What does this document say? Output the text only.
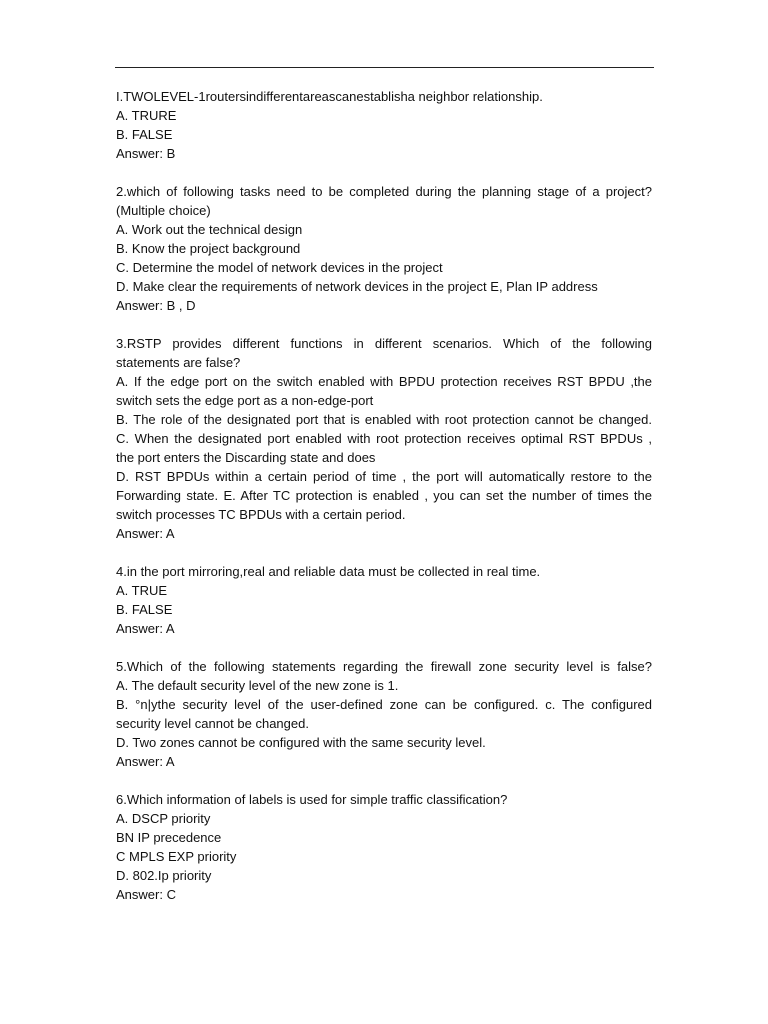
I.TWOLEVEL-1routersindifferentareascanestablisha neighbor relationship.
A. TRURE
B. FALSE
Answer: B
2.which of following tasks need to be completed during the planning stage of a project?
(Multiple choice)
A. Work out the technical design
B. Know the project background
C. Determine the model of network devices in the project
D. Make clear the requirements of network devices in the project E, Plan IP address
Answer: B , D
3.RSTP provides different functions in different scenarios. Which of the following
statements are false?
A. If the edge port on the switch enabled with BPDU protection receives RST BPDU ,the
switch sets the edge port as a non-edge-port
B. The role of the designated port that is enabled with root protection cannot be changed.
C. When the designated port enabled with root protection receives optimal RST BPDUs ,
the port enters the Discarding state and does
D. RST BPDUs within a certain period of time , the port will automatically restore to the
Forwarding state. E. After TC protection is enabled , you can set the number of times the
switch processes TC BPDUs with a certain period.
Answer: A
4.in the port mirroring,real and reliable data must be collected in real time.
A. TRUE
B. FALSE
Answer: A
5.Which of the following statements regarding the firewall zone security level is false?
A. The default security level of the new zone is 1.
B. °n|ythe security level of the user-defined zone can be configured. c. The configured
security level cannot be changed.
D. Two zones cannot be configured with the same security level.
Answer: A
6.Which information of labels is used for simple traffic classification?
A. DSCP priority
BN IP precedence
C MPLS EXP priority
D. 802.Ip priority
Answer: C
